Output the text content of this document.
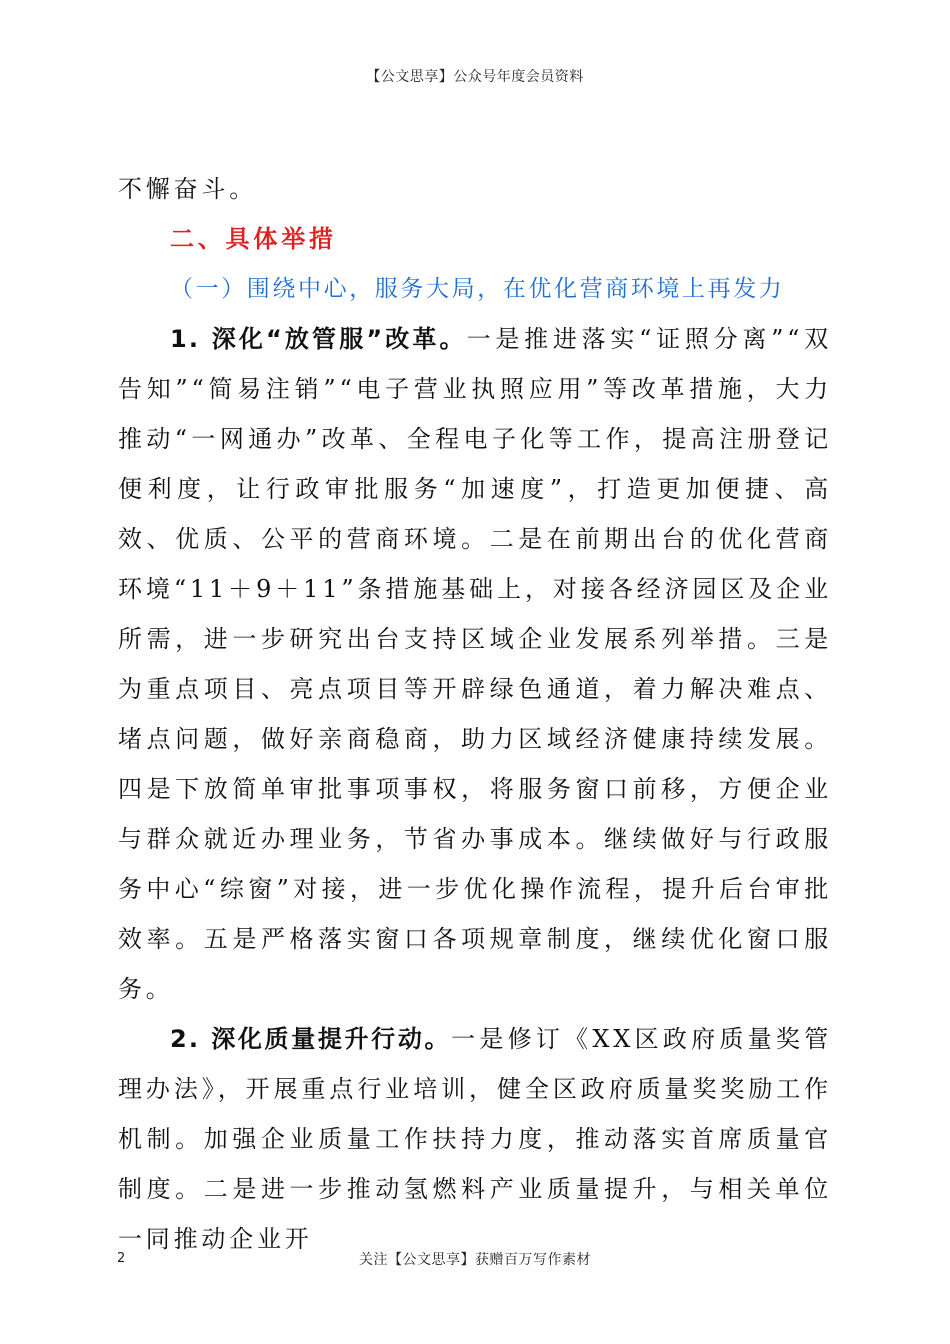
【公文思享】公众号年度会员资料

不懈奋斗。

二、具体举措

（一）围绕中心，服务大局，在优化营商环境上再发力

1. 深化“放管服”改革。一是推进落实“证照分离”“双告知”“简易注销”“电子营业执照应用”等改革措施，大力推动“一网通办”改革、全程电子化等工作，提高注册登记便利度，让行政审批服务“加速度”，打造更加便捷、高效、优质、公平的营商环境。二是在前期出台的优化营商环境“11＋9＋11”条措施基础上，对接各经济园区及企业所需，进一步研究出台支持区域企业发展系列举措。三是为重点项目、亮点项目等开辟绿色通道，着力解决难点、堵点问题，做好亲商稳商，助力区域经济健康持续发展。四是下放简单审批事项事权，将服务窗口前移，方便企业与群众就近办理业务，节省办事成本。继续做好与行政服务中心“综窗”对接，进一步优化操作流程，提升后台审批效率。五是严格落实窗口各项规章制度，继续优化窗口服务。

2. 深化质量提升行动。一是修订《XX区政府质量奖管理办法》，开展重点行业培训，健全区政府质量奖奖励工作机制。加强企业质量工作扶持力度，推动落实首席质量官制度。二是进一步推动氢燃料产业质量提升，与相关单位一同推动企业开

2	关注【公文思享】获赠百万写作素材
